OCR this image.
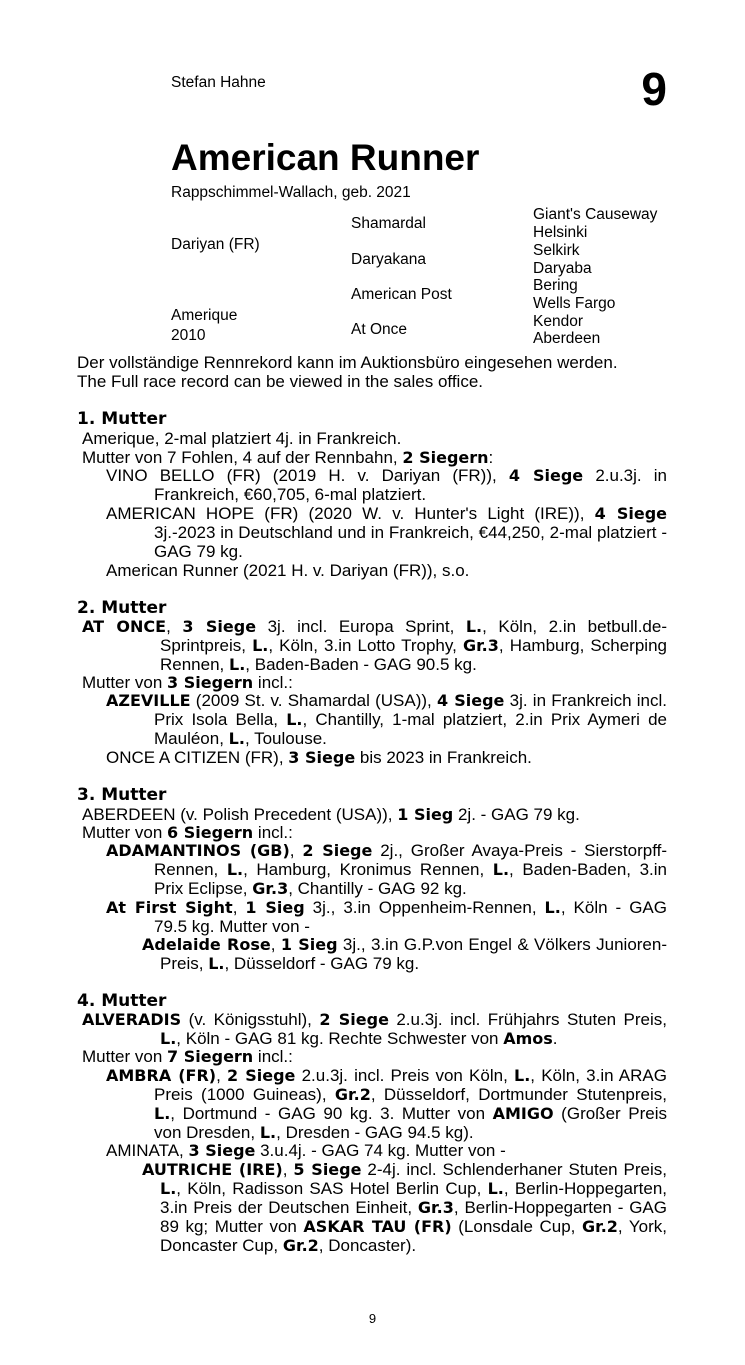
Stefan Hahne	9
American Runner
Rappschimmel-Wallach, geb. 2021
Dariyan (FR)
Amerique
2010
Shamardal
Daryakana
American Post
At Once
Giant's Causeway
Helsinki
Selkirk
Daryaba
Bering
Wells Fargo
Kendor
Aberdeen
Der vollständige Rennrekord kann im Auktionsbüro eingesehen werden.
The Full race record can be viewed in the sales office.
1. Mutter
Amerique, 2-mal platziert 4j. in Frankreich.
Mutter von 7 Fohlen, 4 auf der Rennbahn, 2 Siegern:
VINO BELLO (FR) (2019 H. v. Dariyan (FR)), 4 Siege 2.u.3j. in Frankreich, €60,705, 6-mal platziert.
AMERICAN HOPE (FR) (2020 W. v. Hunter's Light (IRE)), 4 Siege 3j.-2023 in Deutschland und in Frankreich, €44,250, 2-mal platziert - GAG 79 kg.
American Runner (2021 H. v. Dariyan (FR)), s.o.
2. Mutter
AT ONCE, 3 Siege 3j. incl. Europa Sprint, L., Köln, 2.in betbull.de-Sprintpreis, L., Köln, 3.in Lotto Trophy, Gr.3, Hamburg, Scherping Rennen, L., Baden-Baden - GAG 90.5 kg.
Mutter von 3 Siegern incl.:
AZEVILLE (2009 St. v. Shamardal (USA)), 4 Siege 3j. in Frankreich incl. Prix Isola Bella, L., Chantilly, 1-mal platziert, 2.in Prix Aymeri de Mauléon, L., Toulouse.
ONCE A CITIZEN (FR), 3 Siege bis 2023 in Frankreich.
3. Mutter
ABERDEEN (v. Polish Precedent (USA)), 1 Sieg 2j. - GAG 79 kg.
Mutter von 6 Siegern incl.:
ADAMANTINOS (GB), 2 Siege 2j., Großer Avaya-Preis - Sierstorpff-Rennen, L., Hamburg, Kronimus Rennen, L., Baden-Baden, 3.in Prix Eclipse, Gr.3, Chantilly - GAG 92 kg.
At First Sight, 1 Sieg 3j., 3.in Oppenheim-Rennen, L., Köln - GAG 79.5 kg. Mutter von -
Adelaide Rose, 1 Sieg 3j., 3.in G.P.von Engel & Völkers Junioren-Preis, L., Düsseldorf - GAG 79 kg.
4. Mutter
ALVERADIS (v. Königsstuhl), 2 Siege 2.u.3j. incl. Frühjahrs Stuten Preis, L., Köln - GAG 81 kg. Rechte Schwester von Amos.
Mutter von 7 Siegern incl.:
AMBRA (FR), 2 Siege 2.u.3j. incl. Preis von Köln, L., Köln, 3.in ARAG Preis (1000 Guineas), Gr.2, Düsseldorf, Dortmunder Stutenpreis, L., Dortmund - GAG 90 kg. 3. Mutter von AMIGO (Großer Preis von Dresden, L., Dresden - GAG 94.5 kg).
AMINATA, 3 Siege 3.u.4j. - GAG 74 kg. Mutter von -
AUTRICHE (IRE), 5 Siege 2-4j. incl. Schlenderhaner Stuten Preis, L., Köln, Radisson SAS Hotel Berlin Cup, L., Berlin-Hoppegarten, 3.in Preis der Deutschen Einheit, Gr.3, Berlin-Hoppegarten - GAG 89 kg; Mutter von ASKAR TAU (FR) (Lonsdale Cup, Gr.2, York, Doncaster Cup, Gr.2, Doncaster).
9
